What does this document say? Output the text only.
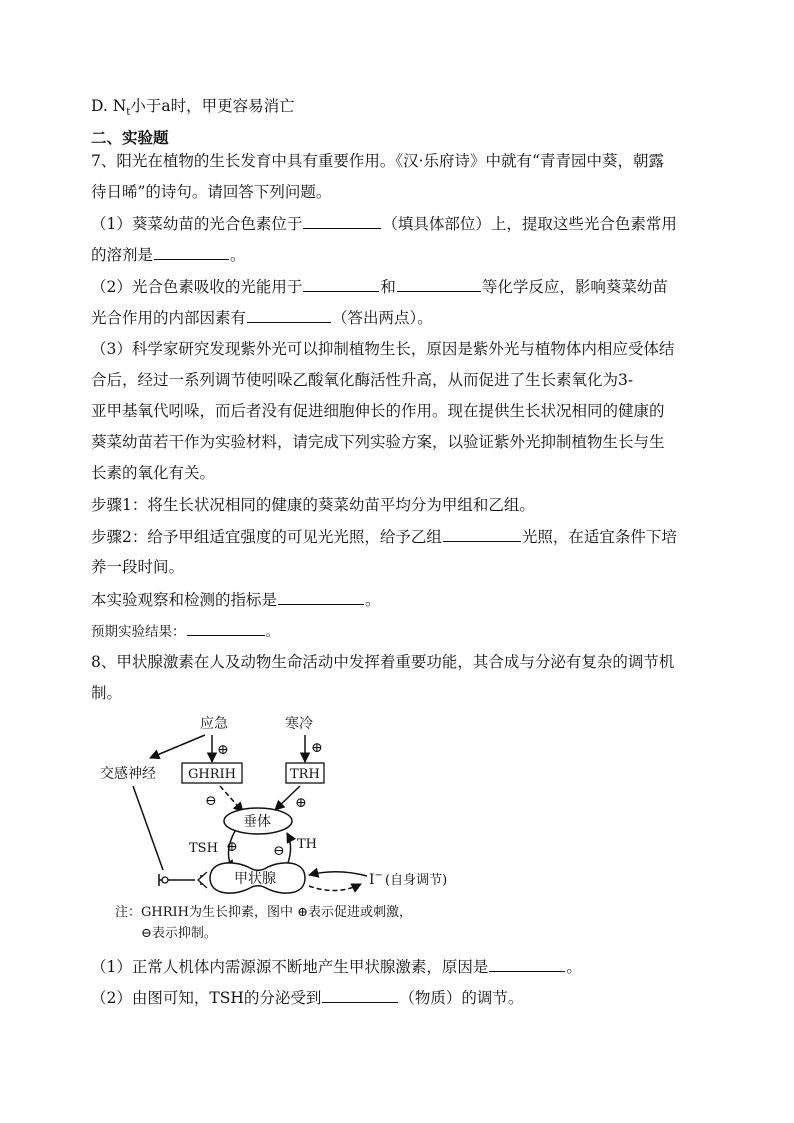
D. $N_t$小于a时，甲更容易消亡
二、实验题
7、阳光在植物的生长发育中具有重要作用。《汉·乐府诗》中就有“青青园中葵，朝露
待日晞”的诗句。请回答下列问题。
（1）葵菜幼苗的光合色素位于	（填具体部位）上，提取这些光合色素常用
的溶剂是	。
（2）光合色素吸收的光能用于	和	等化学反应，影响葵菜幼苗
光合作用的内部因素有	（答出两点）。
（3）科学家研究发现紫外光可以抑制植物生长，原因是紫外光与植物体内相应受体结
合后，经过一系列调节使吲哚乙酸氧化酶活性升高，从而促进了生长素氧化为3-
亚甲基氧代吲哚，而后者没有促进细胞伸长的作用。现在提供生长状况相同的健康的
葵菜幼苗若干作为实验材料，请完成下列实验方案，以验证紫外光抑制植物生长与生
长素的氧化有关。
步骤1：将生长状况相同的健康的葵菜幼苗平均分为甲组和乙组。
步骤2：给予甲组适宜强度的可见光光照，给予乙组	光照，在适宜条件下培
养一段时间。
本实验观察和检测的指标是	。
预期实验结果：	。
8、甲状腺激素在人及动物生命活动中发挥着重要功能，其合成与分泌有复杂的调节机
制。
应急	寒冷
交感神经
⊕	⊕
GHRIH	TRH
⊖	⊕
垂体
TSH ⊕	⊖ TH
甲状腺	I− (自身调节)
注：GHRIH为生长抑素，图中 ⊕表示促进或刺激，
⊖表示抑制。
（1）正常人机体内需源源不断地产生甲状腺激素，原因是	。
（2）由图可知，TSH的分泌受到	（物质）的调节。
